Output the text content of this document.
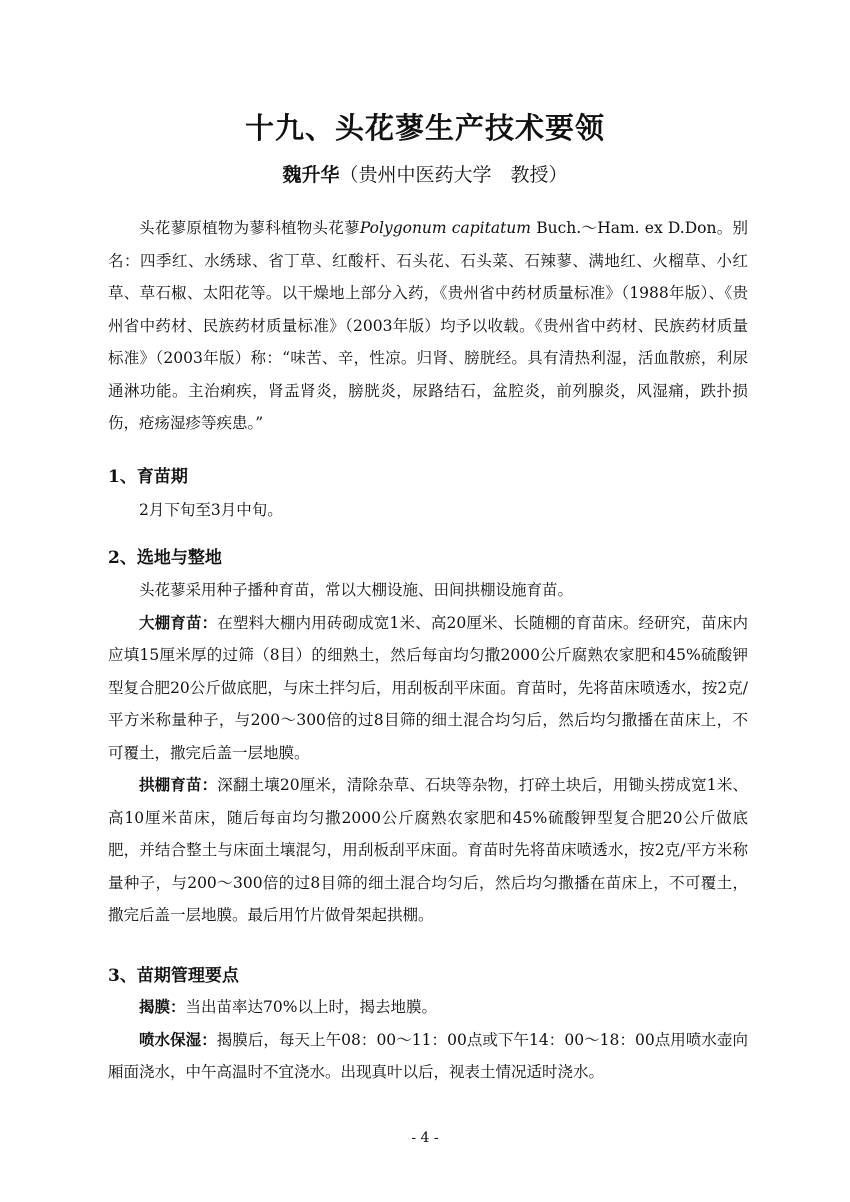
十九、头花蓼生产技术要领
魏升华（贵州中医药大学　教授）

头花蓼原植物为蓼科植物头花蓼Polygonum capitatum Buch.～Ham. ex D.Don。别名：四季红、水绣球、省丁草、红酸杆、石头花、石头菜、石辣蓼、满地红、火榴草、小红草、草石椒、太阳花等。以干燥地上部分入药，《贵州省中药材质量标准》（1988年版）、《贵州省中药材、民族药材质量标准》（2003年版）均予以收载。《贵州省中药材、民族药材质量标准》（2003年版）称：“味苦、辛，性凉。归肾、膀胱经。具有清热利湿，活血散瘀，利尿通淋功能。主治痢疾，肾盂肾炎，膀胱炎，尿路结石，盆腔炎，前列腺炎，风湿痛，跌扑损伤，疮疡湿疹等疾患。”

1、育苗期

2月下旬至3月中旬。

2、选地与整地

头花蓼采用种子播种育苗，常以大棚设施、田间拱棚设施育苗。

大棚育苗：在塑料大棚内用砖砌成宽1米、高20厘米、长随棚的育苗床。经研究，苗床内应填15厘米厚的过筛（8目）的细熟土，然后每亩均匀撒2000公斤腐熟农家肥和45%硫酸钾型复合肥20公斤做底肥，与床土拌匀后，用刮板刮平床面。育苗时，先将苗床喷透水，按2克/平方米称量种子，与200～300倍的过8目筛的细土混合均匀后，然后均匀撒播在苗床上，不可覆土，撒完后盖一层地膜。

拱棚育苗：深翻土壤20厘米，清除杂草、石块等杂物，打碎土块后，用锄头捞成宽1米、高10厘米苗床，随后每亩均匀撒2000公斤腐熟农家肥和45%硫酸钾型复合肥20公斤做底肥，并结合整土与床面土壤混匀，用刮板刮平床面。育苗时先将苗床喷透水，按2克/平方米称量种子，与200～300倍的过8目筛的细土混合均匀后，然后均匀撒播在苗床上，不可覆土，撒完后盖一层地膜。最后用竹片做骨架起拱棚。

3、苗期管理要点

揭膜：当出苗率达70%以上时，揭去地膜。

喷水保湿：揭膜后，每天上午08：00～11：00点或下午14：00～18：00点用喷水壶向厢面浇水，中午高温时不宜浇水。出现真叶以后，视表土情况适时浇水。

- 4 -
